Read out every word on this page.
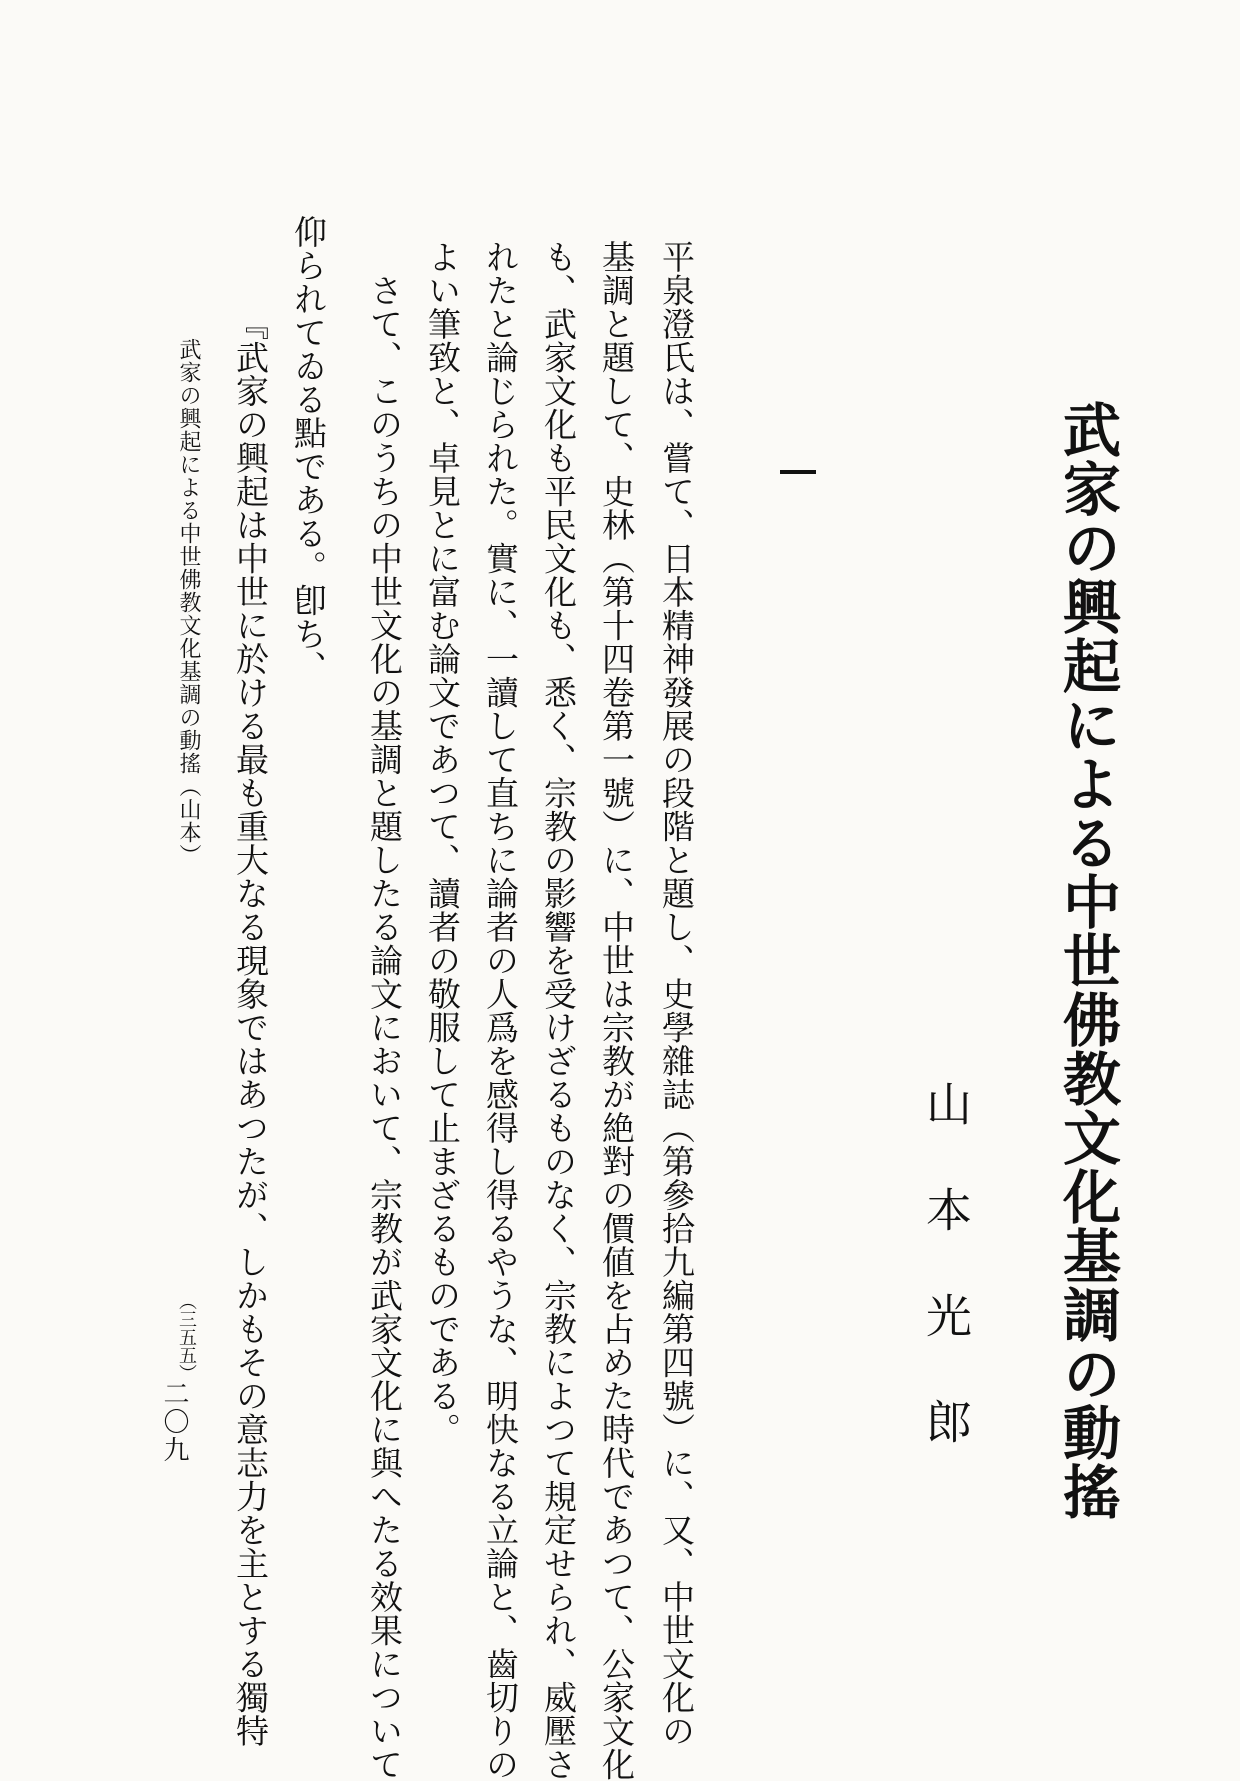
武家の興起による中世佛教文化基調の動搖
山本光郎
平泉澄氏は、嘗て、日本精神發展の段階と題し、史學雜誌（第參拾九編第四號）に、又、中世文化の
基調と題して、史林（第十四卷第一號）に、中世は宗教が絶對の價値を占めた時代であつて、公家文化
も、武家文化も平民文化も、悉く、宗教の影響を受けざるものなく、宗教によつて規定せられ、威壓さ
れたと論じられた。實に、一讀して直ちに論者の人爲を感得し得るやうな、明快なる立論と、齒切りの
よい筆致と、卓見とに富む論文であつて、讀者の敬服して止まざるものである。
　さて、このうちの中世文化の基調と題したる論文において、宗教が武家文化に與へたる效果について
仰られてゐる點である。卽ち、
　『武家の興起は中世に於ける最も重大なる現象ではあつたが、しかもその意志力を主とする獨特
武家の興起による中世佛教文化基調の動搖（山本）
（三五五）
二〇九
